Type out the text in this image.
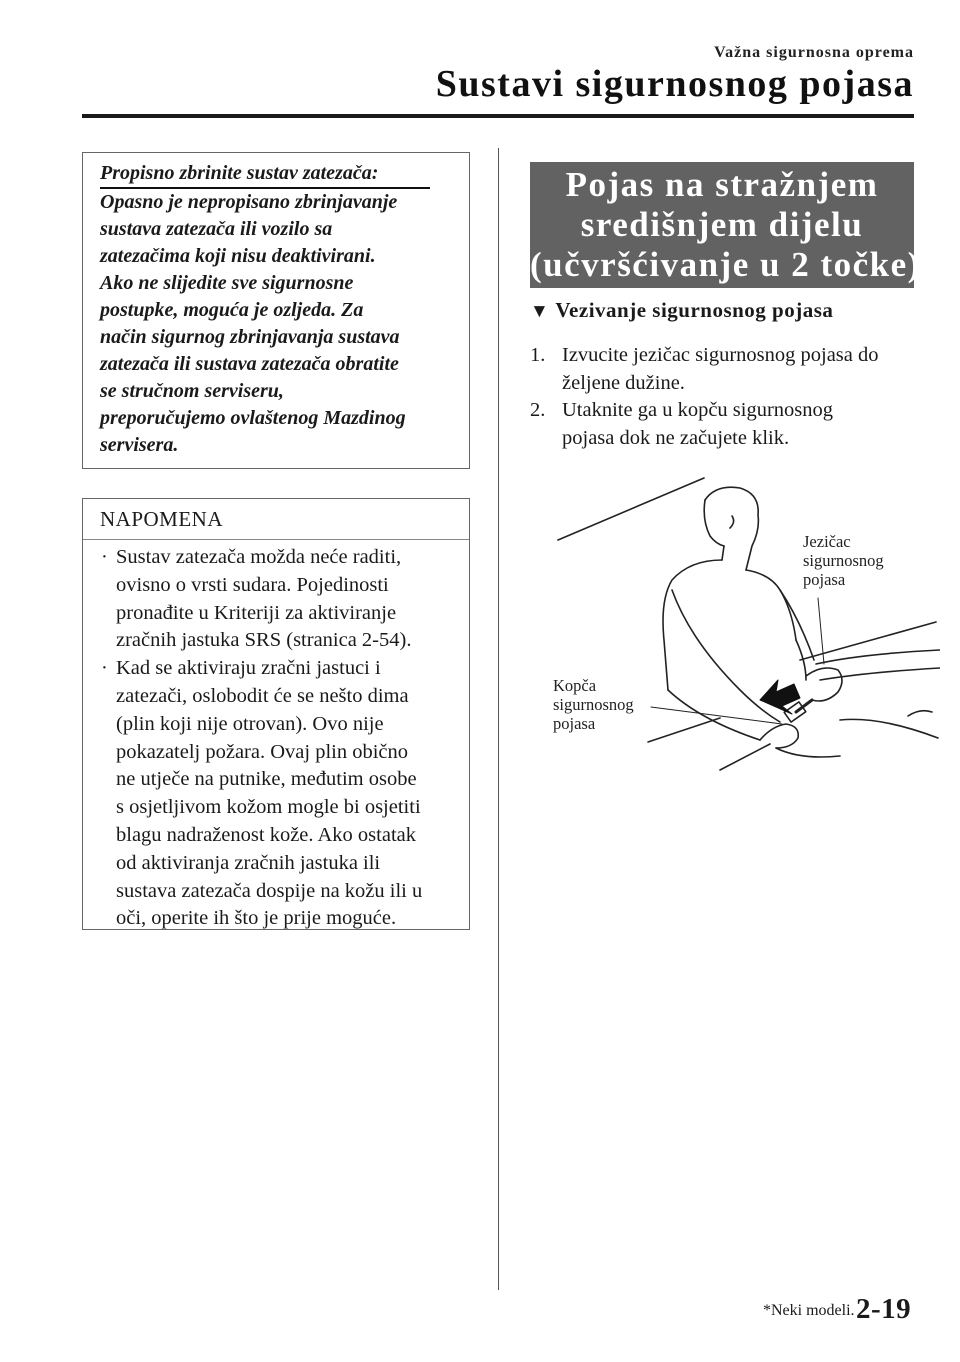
Važna sigurnosna oprema
Sustavi sigurnosnog pojasa
Propisno zbrinite sustav zatezača:
Opasno je nepropisano zbrinjavanje
sustava zatezača ili vozilo sa
zatezačima koji nisu deaktivirani.
Ako ne slijedite sve sigurnosne
postupke, moguća je ozljeda. Za
način sigurnog zbrinjavanja sustava
zatezača ili sustava zatezača obratite
se stručnom serviseru,
preporučujemo ovlaštenog Mazdinog
servisera.
NAPOMENA
· Sustav zatezača možda neće raditi,
ovisno o vrsti sudara. Pojedinosti
pronađite u Kriteriji za aktiviranje
zračnih jastuka SRS (stranica 2-54).
· Kad se aktiviraju zračni jastuci i
zatezači, oslobodit će se nešto dima
(plin koji nije otrovan). Ovo nije
pokazatelj požara. Ovaj plin obično
ne utječe na putnike, međutim osobe
s osjetljivom kožom mogle bi osjetiti
blagu nadraženost kože. Ako ostatak
od aktiviranja zračnih jastuka ili
sustava zatezača dospije na kožu ili u
oči, operite ih što je prije moguće.
Pojas na stražnjem
središnjem dijelu
(učvršćivanje u 2 točke)*
▼ Vezivanje sigurnosnog pojasa
1. Izvucite jezičac sigurnosnog pojasa do
željene dužine.
2. Utaknite ga u kopču sigurnosnog
pojasa dok ne začujete klik.
Jezičac
sigurnosnog
pojasa
Kopča
sigurnosnog
pojasa
*Neki modeli. 2-19
